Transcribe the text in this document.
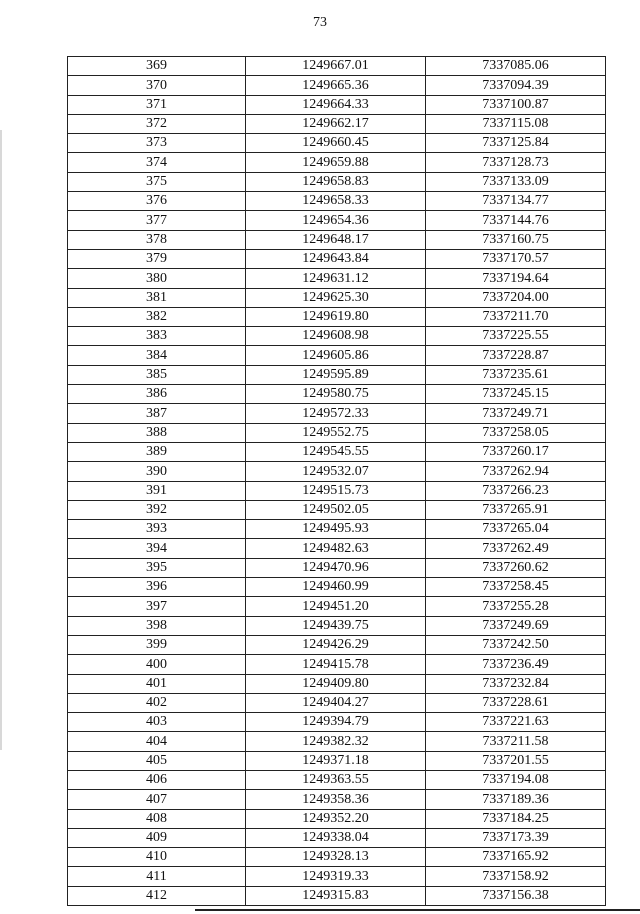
73
369	1249667.01	7337085.06
370	1249665.36	7337094.39
371	1249664.33	7337100.87
372	1249662.17	7337115.08
373	1249660.45	7337125.84
374	1249659.88	7337128.73
375	1249658.83	7337133.09
376	1249658.33	7337134.77
377	1249654.36	7337144.76
378	1249648.17	7337160.75
379	1249643.84	7337170.57
380	1249631.12	7337194.64
381	1249625.30	7337204.00
382	1249619.80	7337211.70
383	1249608.98	7337225.55
384	1249605.86	7337228.87
385	1249595.89	7337235.61
386	1249580.75	7337245.15
387	1249572.33	7337249.71
388	1249552.75	7337258.05
389	1249545.55	7337260.17
390	1249532.07	7337262.94
391	1249515.73	7337266.23
392	1249502.05	7337265.91
393	1249495.93	7337265.04
394	1249482.63	7337262.49
395	1249470.96	7337260.62
396	1249460.99	7337258.45
397	1249451.20	7337255.28
398	1249439.75	7337249.69
399	1249426.29	7337242.50
400	1249415.78	7337236.49
401	1249409.80	7337232.84
402	1249404.27	7337228.61
403	1249394.79	7337221.63
404	1249382.32	7337211.58
405	1249371.18	7337201.55
406	1249363.55	7337194.08
407	1249358.36	7337189.36
408	1249352.20	7337184.25
409	1249338.04	7337173.39
410	1249328.13	7337165.92
411	1249319.33	7337158.92
412	1249315.83	7337156.38
